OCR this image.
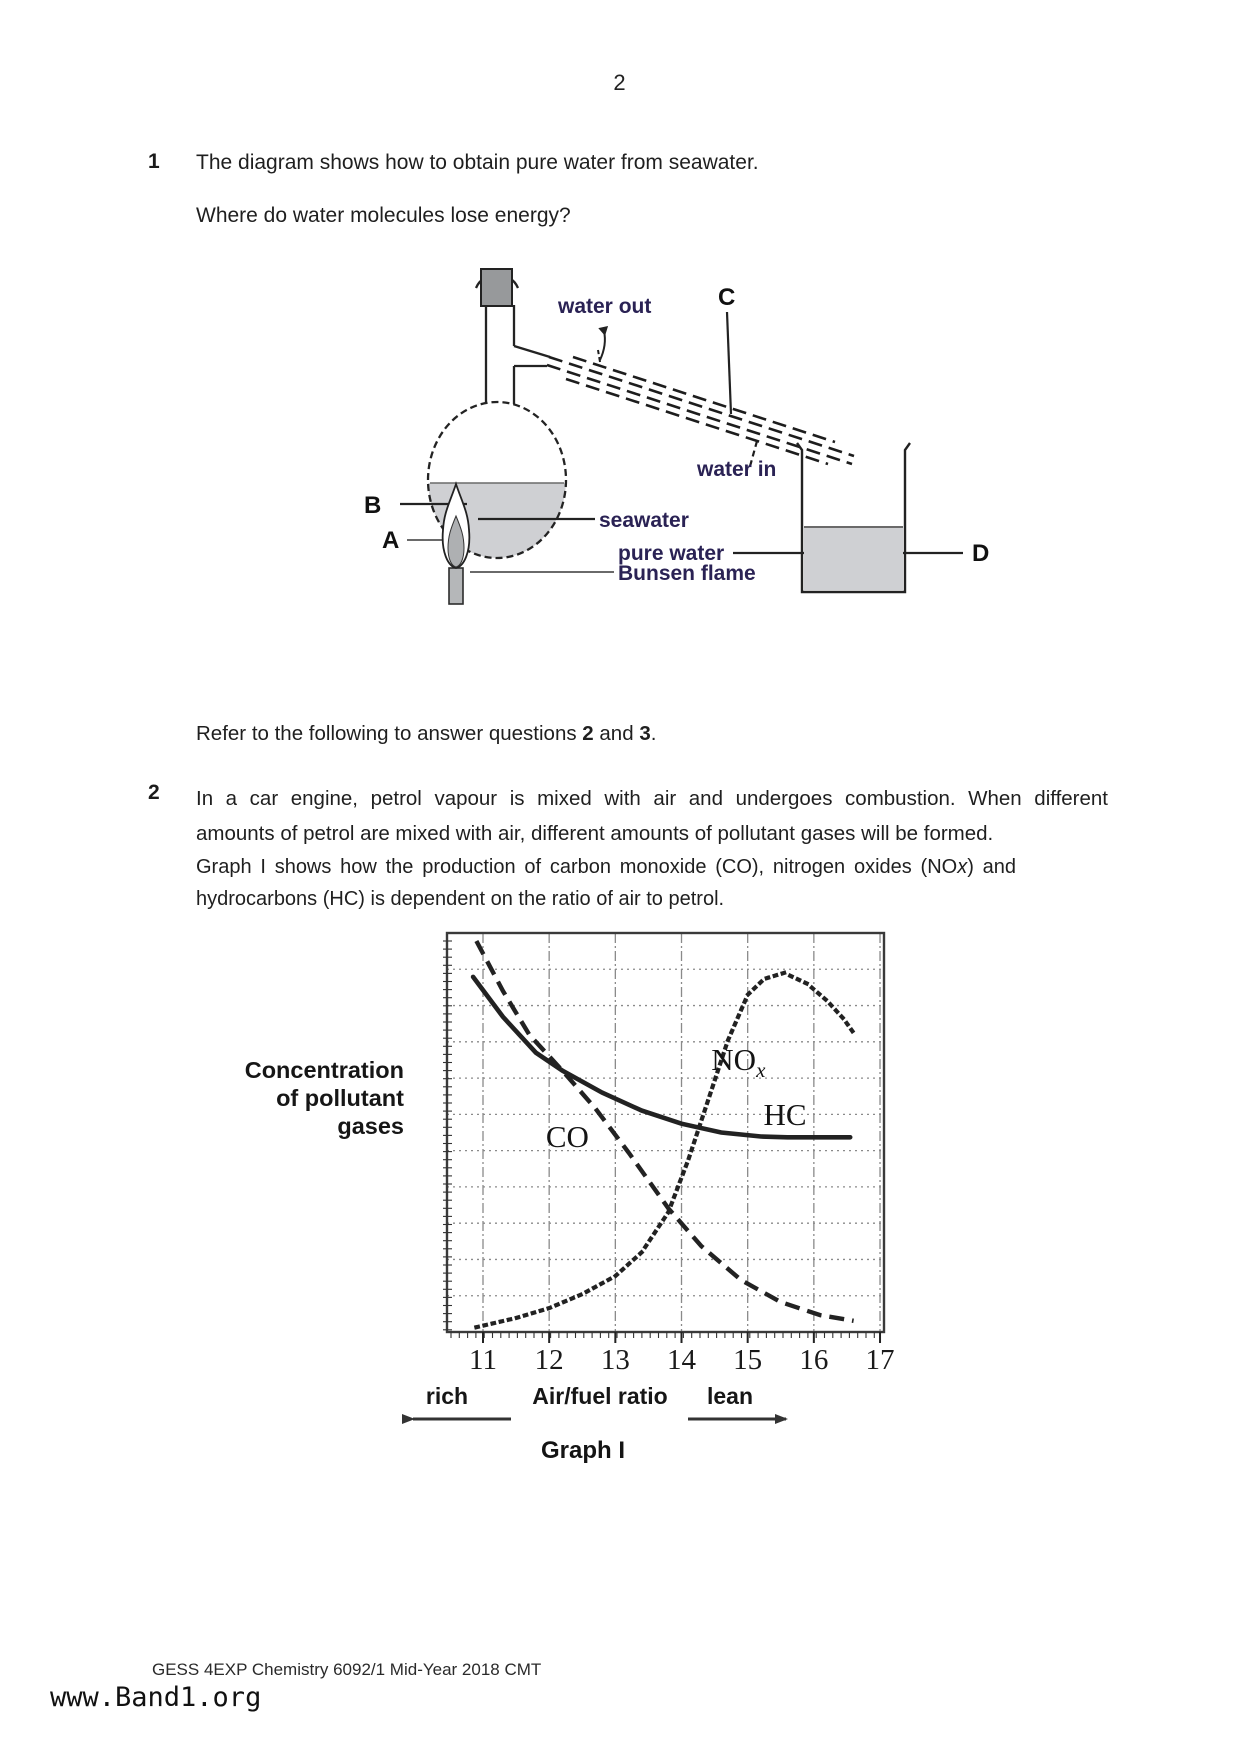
2
1 The diagram shows how to obtain pure water from seawater.
Where do water molecules lose energy?
water out	C
seawater
B
water in
pure water	D
A
Bunsen flame
Refer to the following to answer questions 2 and 3.
2 In a car engine, petrol vapour is mixed with air and undergoes combustion. When different
amounts of petrol are mixed with air, different amounts of pollutant gases will be formed.
Graph I shows how the production of carbon monoxide (CO), nitrogen oxides (NOx) and
hydrocarbons (HC) is dependent on the ratio of air to petrol.
11 12 13 14 15 16 17
CO
$NO_x$
HC
Concentration
of pollutant
gases
rich	Air/fuel ratio lean
Graph I
GESS 4EXP Chemistry 6092/1 Mid-Year 2018 CMT
www.Band1.org
